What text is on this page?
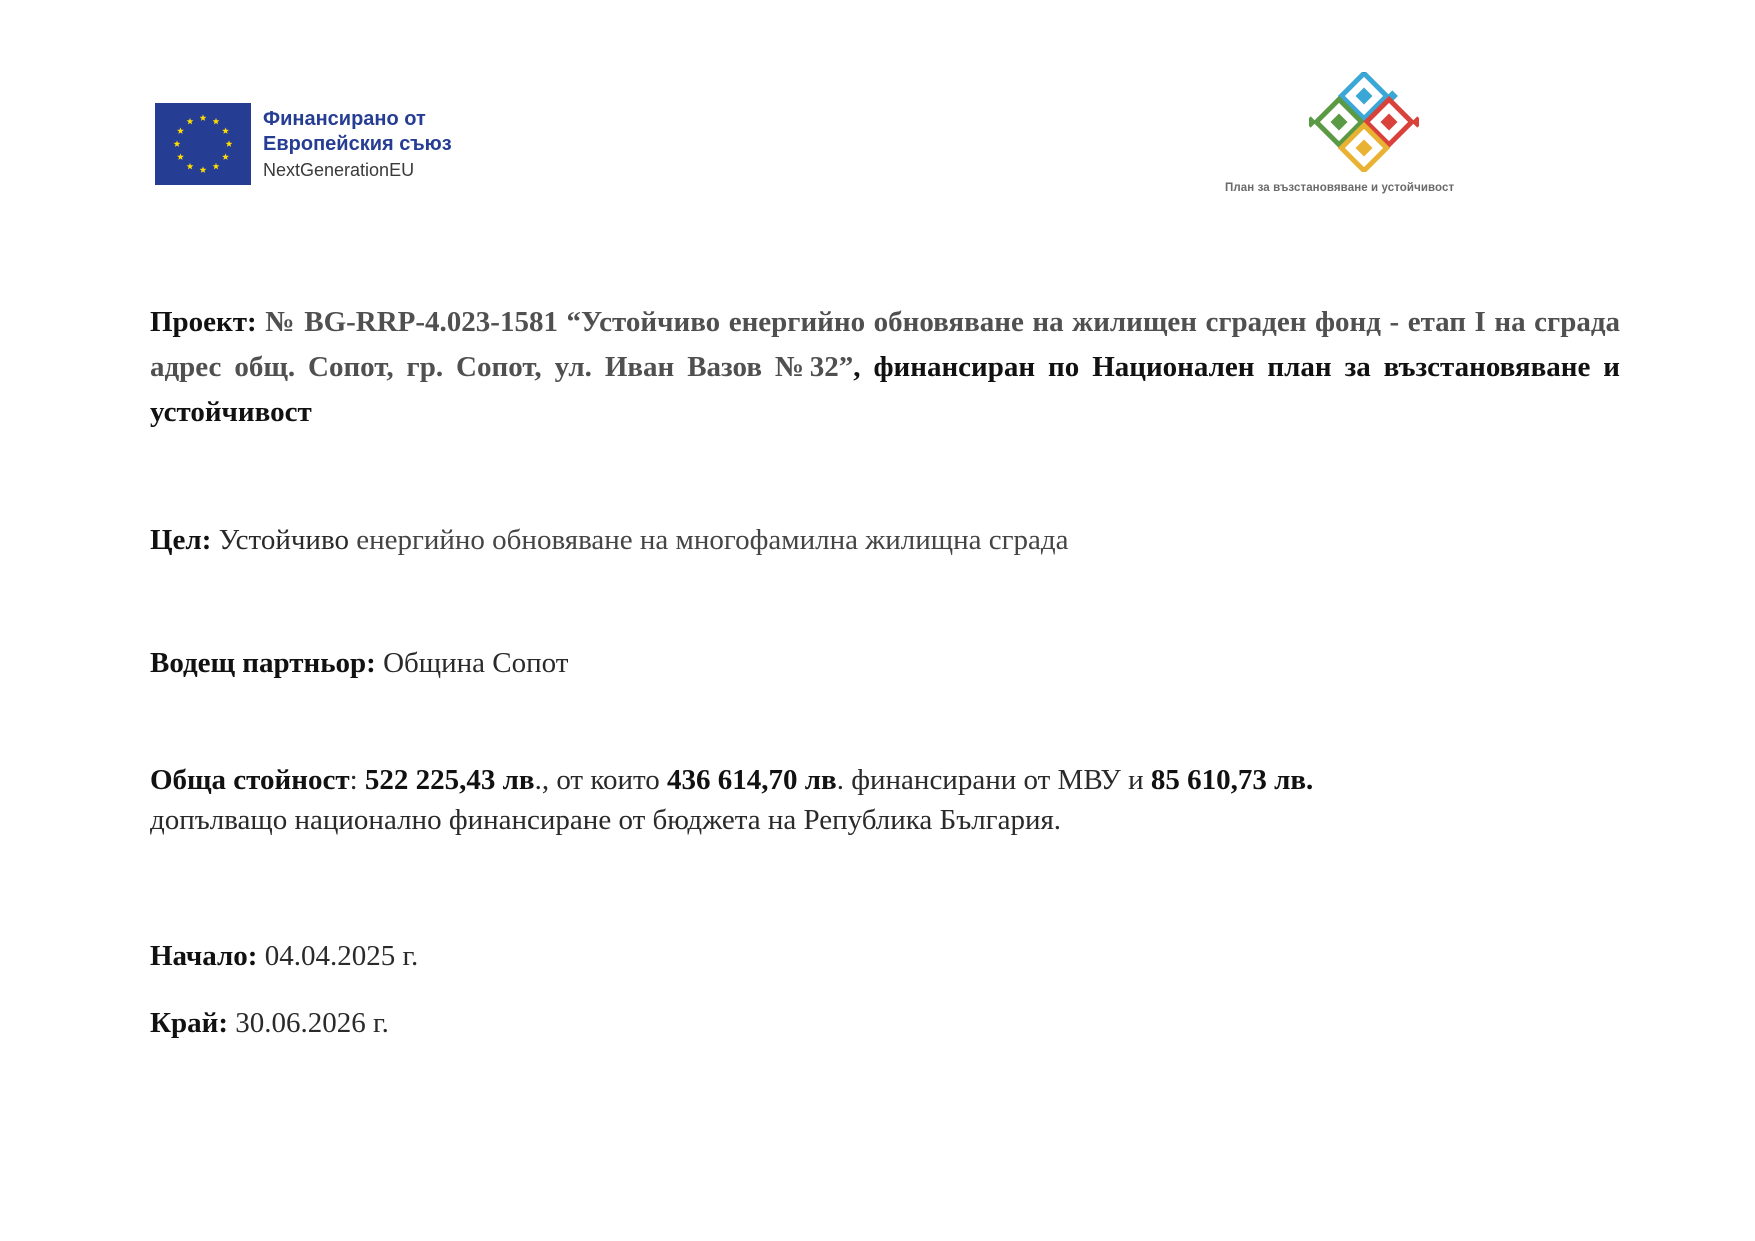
Финансирано от
Европейския съюз
NextGenerationEU
План за възстановяване и устойчивост
Проект: № BG-RRP-4.023-1581 “Устойчиво енергийно обновяване на жилищен сграден фонд - етап I на сграда адрес общ. Сопот, гр. Сопот, ул. Иван Вазов №32”, финансиран по Национален план за възстановяване и устойчивост
Цел: Устойчиво енергийно обновяване на многофамилна жилищна сграда
Водещ партньор: Община Сопот
Обща стойност: 522 225,43 лв., от които 436 614,70 лв. финансирани от МВУ и 85 610,73 лв.
допълващо национално финансиране от бюджета на Република България.
Начало: 04.04.2025 г.
Край: 30.06.2026 г.
